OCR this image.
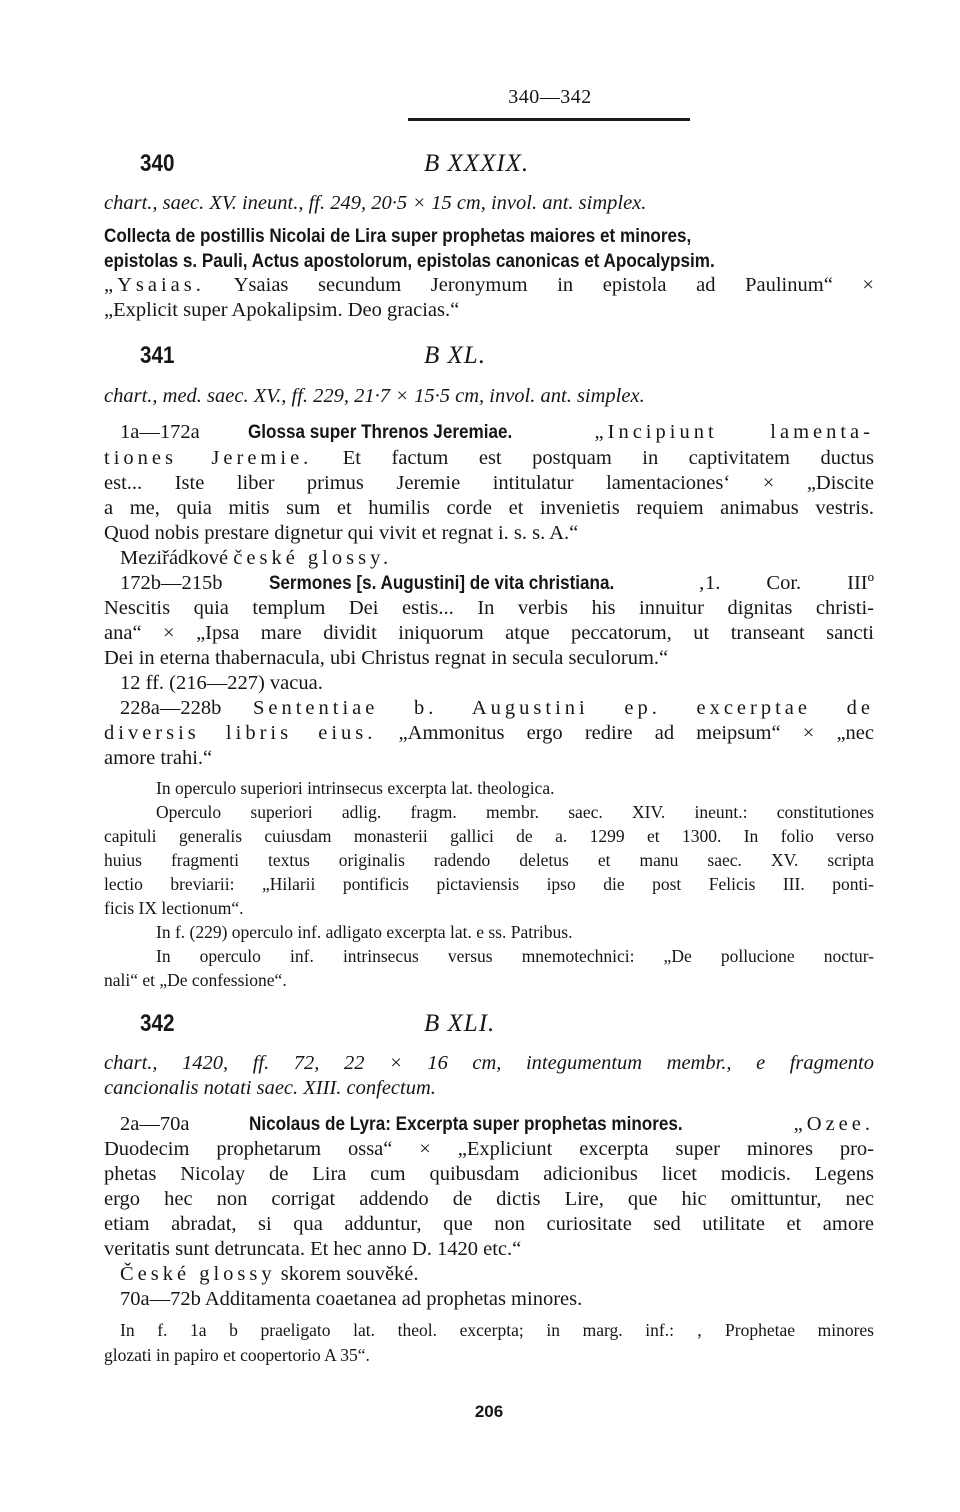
340—342
340	B XXXIX.
chart., saec. XV. ineunt., ff. 249, 20·5 × 15 cm, invol. ant. simplex.
Collecta de postillis Nicolai de Lira super prophetas maiores et minores,
epistolas s. Pauli, Actus apostolorum, epistolas canonicas et Apocalypsim.
„Ysaias. Ysaias secundum Jeronymum in epistola ad Paulinum“ ×
„Explicit super Apokalipsim. Deo gracias.“
341	B XL.
chart., med. saec. XV., ff. 229, 21·7 × 15·5 cm, invol. ant. simplex.
1a—172a Glossa super Threnos Jeremiae. „Incipiunt lamenta-
tiones Jeremie. Et factum est postquam in captivitatem ductus
est... Iste liber primus Jeremie intitulatur lamentaciones‘ × „Discite
a me, quia mitis sum et humilis corde et invenietis requiem animabus vestris.
Quod nobis prestare dignetur qui vivit et regnat i. s. s. A.“
Meziřádkové české glossy.
172b—215b Sermones [s. Augustini] de vita christiana. ‚1. Cor. IIIº
Nescitis quia templum Dei estis... In verbis his innuitur dignitas christi-
ana“ × „Ipsa mare dividit iniquorum atque peccatorum, ut transeant sancti
Dei in eterna thabernacula, ubi Christus regnat in secula seculorum.“
12 ff. (216—227) vacua.
228a—228b Sententiae b. Augustini ep. excerptae de
diversis libris eius. „Ammonitus ergo redire ad meipsum“ × „nec
amore trahi.“
In operculo superiori intrinsecus excerpta lat. theologica.
Operculo superiori adlig. fragm. membr. saec. XIV. ineunt.: constitutiones
capituli generalis cuiusdam monasterii gallici de a. 1299 et 1300. In folio verso
huius fragmenti textus originalis radendo deletus et manu saec. XV. scripta
lectio breviarii: „Hilarii pontificis pictaviensis ipso die post Felicis III. ponti-
ficis IX lectionum“.
In f. (229) operculo inf. adligato excerpta lat. e ss. Patribus.
In operculo inf. intrinsecus versus mnemotechnici: „De pollucione noctur-
nali“ et „De confessione“.
342	B XLI.
chart., 1420, ff. 72, 22 × 16 cm, integumentum membr., e fragmento
cancionalis notati saec. XIII. confectum.
2a—70a Nicolaus de Lyra: Excerpta super prophetas minores. „Ozee.
Duodecim prophetarum ossa“ × „Expliciunt excerpta super minores pro-
phetas Nicolay de Lira cum quibusdam adicionibus licet modicis. Legens
ergo hec non corrigat addendo de dictis Lire, que hic omittuntur, nec
etiam abradat, si qua adduntur, que non curiositate sed utilitate et amore
veritatis sunt detruncata. Et hec anno D. 1420 etc.“
České glossy skorem souvěké.
70a—72b Additamenta coaetanea ad prophetas minores.
In f. 1a b praeligato lat. theol. excerpta; in marg. inf.: ‚ Prophetae minores
glozati in papiro et coopertorio A 35“.
206
